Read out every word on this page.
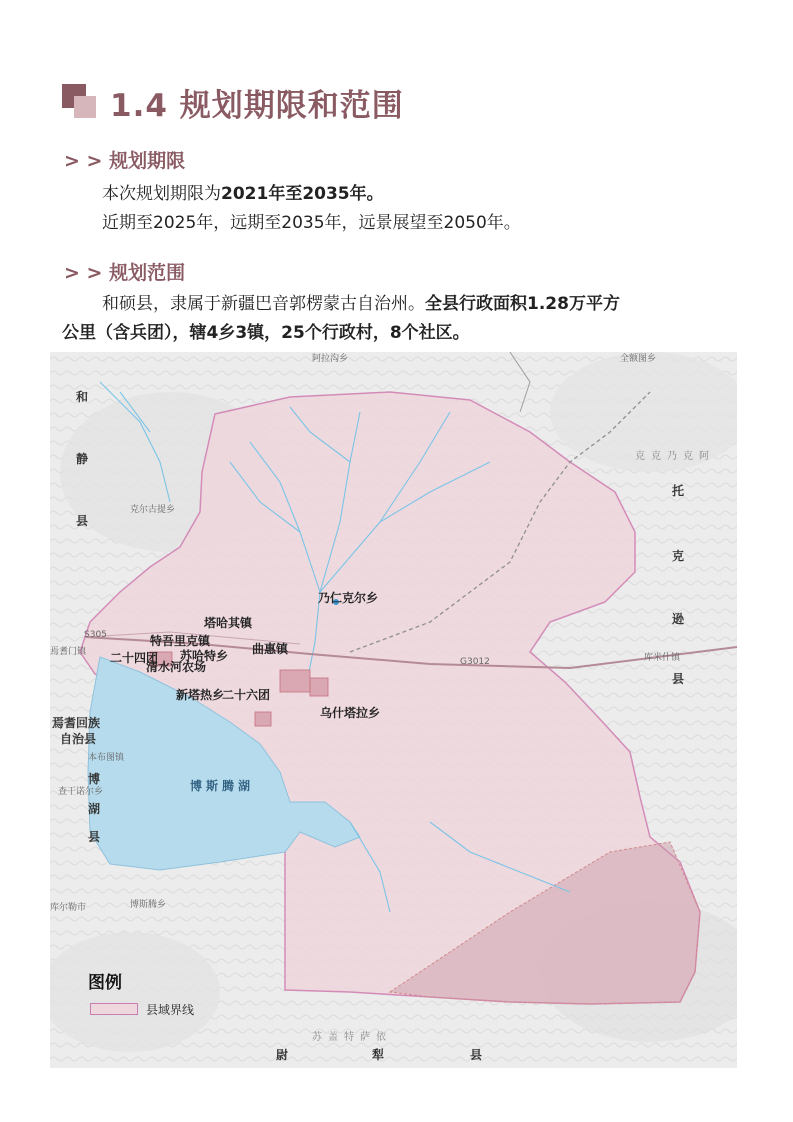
1.4 规划期限和范围
> > 规划期限
本次规划期限为2021年至2035年。
近期至2025年，远期至2035年，远景展望至2050年。
> > 规划范围
和硕县，隶属于新疆巴音郭楞蒙古自治州。全县行政面积1.28万平方
公里（含兵团），辖4乡3镇，25个行政村，8个社区。
和
静
县
克尔古提乡
阿拉沟乡	全额图乡
乃仁克尔乡
塔哈其镇
特吾里克镇
苏哈特乡 曲惠镇
二十四团
清水河农场
新塔热乡
二十六团
乌什塔拉乡
S305
G3012
焉耆门镇
焉耆回族
自治县
本布图镇
查干诺尔乡
博
湖
县
博斯腾湖
博斯腾乡
库尔勒市
克克乃克阿
托
克
逊
县
库米什镇
苏盖特萨依
尉	犁	县
图例
县域界线
